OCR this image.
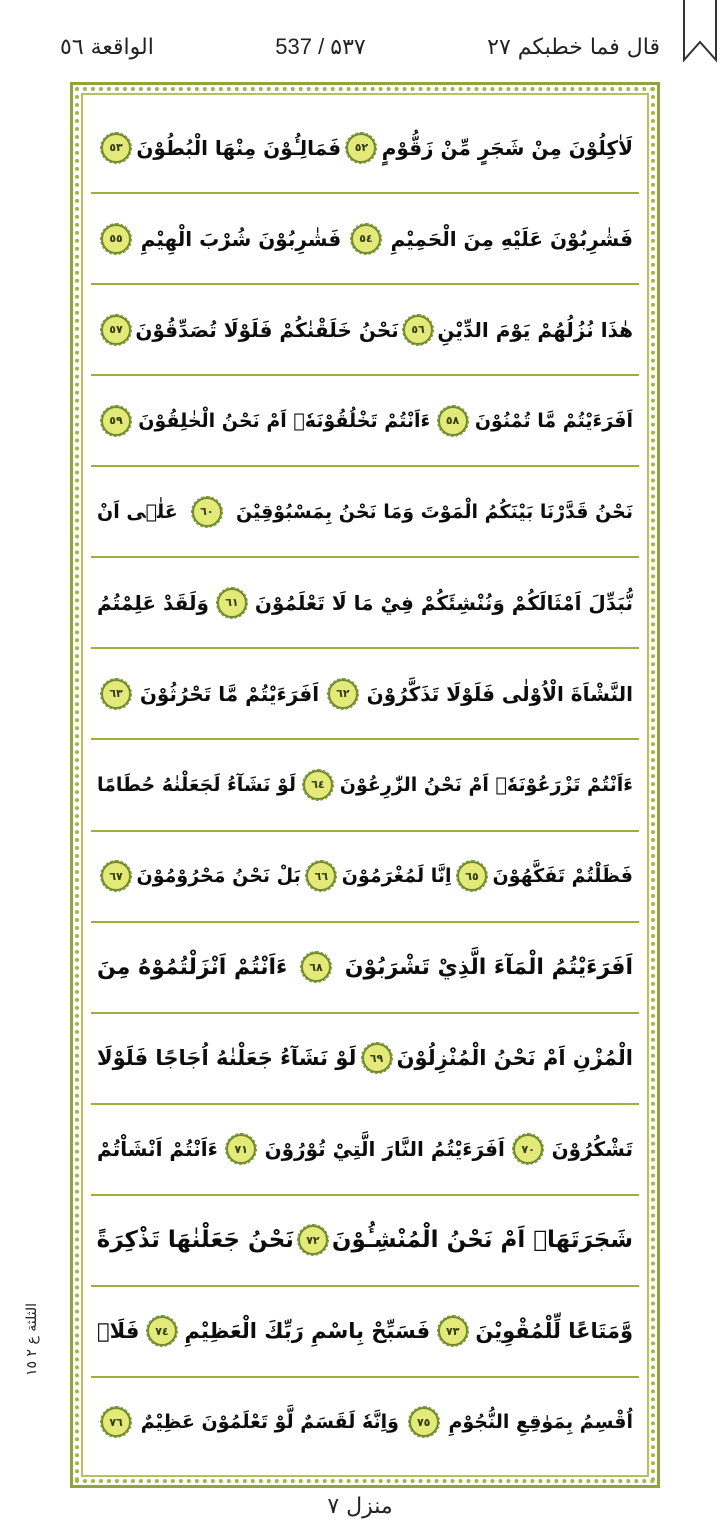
الواقعة ٥٦	537 / ۵۳۷	قال فما خطبکم ۲۷
لَاٰكِلُوْنَ مِنْ شَجَرٍ مِّنْ زَقُّوْمٍ
٥٢
فَمَالِـُٔوْنَ مِنْهَا الْبُطُوْنَ
٥٣
فَشٰرِبُوْنَ عَلَيْهِ مِنَ الْحَمِيْمِ
٥٤
فَشٰرِبُوْنَ شُرْبَ الْهِيْمِ
٥٥
هٰذَا نُزُلُهُمْ يَوْمَ الدِّيْنِ
٥٦
نَحْنُ خَلَقْنٰكُمْ فَلَوْلَا تُصَدِّقُوْنَ
٥٧
اَفَرَءَيْتُمْ مَّا تُمْنُوْنَ
٥٨
ءَاَنْتُمْ تَخْلُقُوْنَهٗۤ اَمْ نَحْنُ الْخٰلِقُوْنَ
٥٩
نَحْنُ قَدَّرْنَا بَيْنَكُمُ الْمَوْتَ وَمَا نَحْنُ بِمَسْبُوْقِيْنَ
٦٠
عَلٰۤى اَنْ
نُّبَدِّلَ اَمْثَالَكُمْ وَنُنْشِئَكُمْ فِيْ مَا لَا تَعْلَمُوْنَ
٦١
وَلَقَدْ عَلِمْتُمُ
النَّشْاَةَ الْاُوْلٰى فَلَوْلَا تَذَكَّرُوْنَ
٦٢
اَفَرَءَيْتُمْ مَّا تَحْرُثُوْنَ
٦٣
ءَاَنْتُمْ تَزْرَعُوْنَهٗۤ اَمْ نَحْنُ الزّٰرِعُوْنَ
٦٤
لَوْ نَشَآءُ لَجَعَلْنٰهُ حُطَامًا
فَظَلْتُمْ تَفَكَّهُوْنَ
٦٥
اِنَّا لَمُغْرَمُوْنَ
٦٦
بَلْ نَحْنُ مَحْرُوْمُوْنَ
٦٧
اَفَرَءَيْتُمُ الْمَآءَ الَّذِيْ تَشْرَبُوْنَ
٦٨
ءَاَنْتُمْ اَنْزَلْتُمُوْهُ مِنَ
الْمُزْنِ اَمْ نَحْنُ الْمُنْزِلُوْنَ
٦٩
لَوْ نَشَآءُ جَعَلْنٰهُ اُجَاجًا فَلَوْلَا
تَشْكُرُوْنَ
٧٠
اَفَرَءَيْتُمُ النَّارَ الَّتِيْ تُوْرُوْنَ
٧١
ءَاَنْتُمْ اَنْشَاْتُمْ
شَجَرَتَهَاۤ اَمْ نَحْنُ الْمُنْشِـُٔوْنَ
٧٢
نَحْنُ جَعَلْنٰهَا تَذْكِرَةً
وَّمَتَاعًا لِّلْمُقْوِيْنَ
٧٣
فَسَبِّحْ بِاسْمِ رَبِّكَ الْعَظِيْمِ
٧٤
فَلَاۤ
اُقْسِمُ بِمَوٰقِعِ النُّجُوْمِ
٧٥
وَاِنَّهٗ لَقَسَمٌ لَّوْ تَعْلَمُوْنَ عَظِيْمٌ
٧٦
الثلثة ع ٢ ١٥
منزل ٧
